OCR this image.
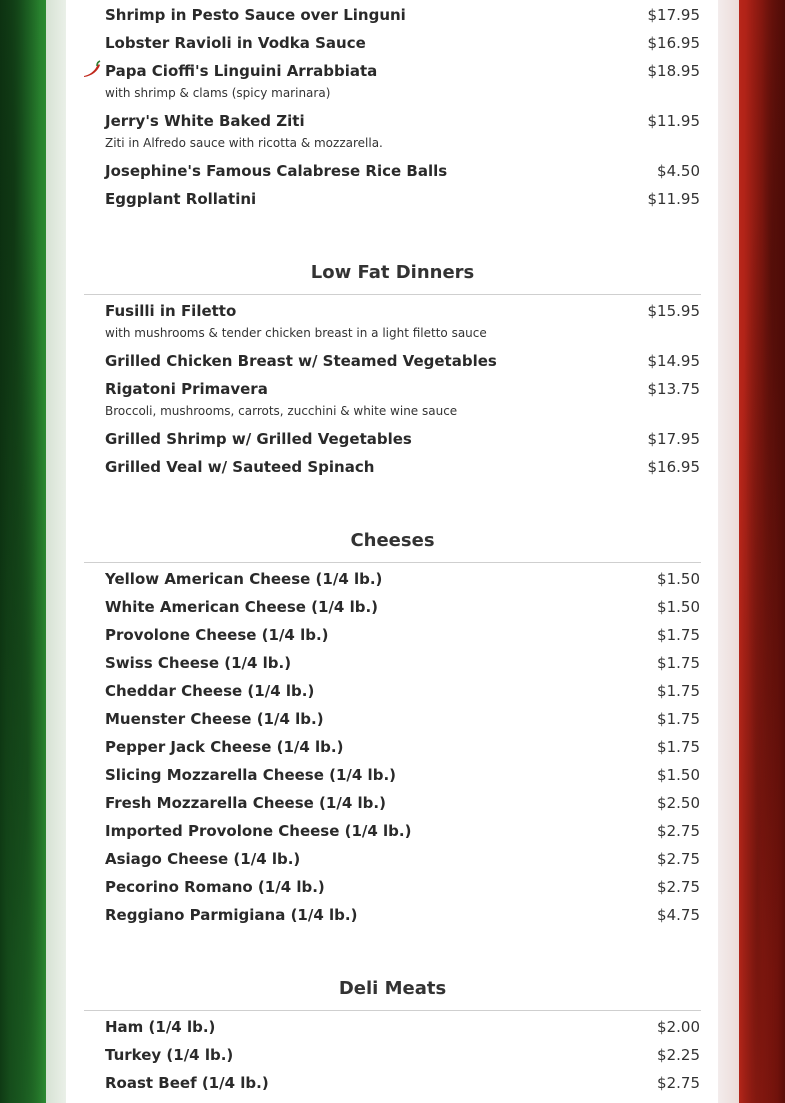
Shrimp in Pesto Sauce over Linguni	$17.95
Lobster Ravioli in Vodka Sauce	$16.95
Papa Cioffi's Linguini Arrabbiata	$18.95
with shrimp & clams (spicy marinara)
Jerry's White Baked Ziti	$11.95
Ziti in Alfredo sauce with ricotta & mozzarella.
Josephine's Famous Calabrese Rice Balls	$4.50
Eggplant Rollatini	$11.95
Low Fat Dinners
Fusilli in Filetto	$15.95
with mushrooms & tender chicken breast in a light filetto sauce
Grilled Chicken Breast w/ Steamed Vegetables	$14.95
Rigatoni Primavera	$13.75
Broccoli, mushrooms, carrots, zucchini & white wine sauce
Grilled Shrimp w/ Grilled Vegetables	$17.95
Grilled Veal w/ Sauteed Spinach	$16.95
Cheeses
Yellow American Cheese (1/4 lb.)	$1.50
White American Cheese (1/4 lb.)	$1.50
Provolone Cheese (1/4 lb.)	$1.75
Swiss Cheese (1/4 lb.)	$1.75
Cheddar Cheese (1/4 lb.)	$1.75
Muenster Cheese (1/4 lb.)	$1.75
Pepper Jack Cheese (1/4 lb.)	$1.75
Slicing Mozzarella Cheese (1/4 lb.)	$1.50
Fresh Mozzarella Cheese (1/4 lb.)	$2.50
Imported Provolone Cheese (1/4 lb.)	$2.75
Asiago Cheese (1/4 lb.)	$2.75
Pecorino Romano (1/4 lb.)	$2.75
Reggiano Parmigiana (1/4 lb.)	$4.75
Deli Meats
Ham (1/4 lb.)	$2.00
Turkey (1/4 lb.)	$2.25
Roast Beef (1/4 lb.)	$2.75
